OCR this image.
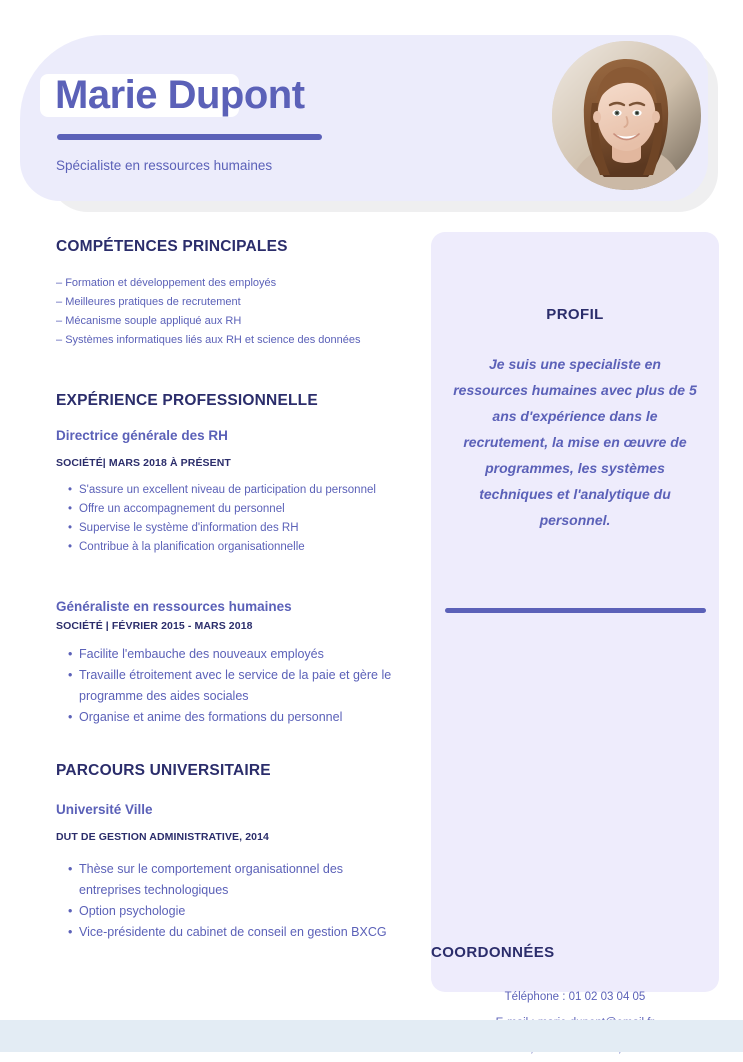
Marie Dupont
Spécialiste en ressources humaines
COMPÉTENCES PRINCIPALES
– Formation et développement des employés
– Meilleures pratiques de recrutement
– Mécanisme souple appliqué aux RH
– Systèmes informatiques liés aux RH et science des données
EXPÉRIENCE PROFESSIONNELLE
Directrice générale des RH
SOCIÉTÉ| MARS 2018 À PRÉSENT
• S'assure un excellent niveau de participation du personnel
• Offre un accompagnement du personnel
• Supervise le système d'information des RH
• Contribue à la planification organisationnelle
Généraliste en ressources humaines
SOCIÉTÉ | FÉVRIER 2015 - MARS 2018
• Facilite l'embauche des nouveaux employés
• Travaille étroitement avec le service de la paie et gère le programme des aides sociales
• Organise et anime des formations du personnel
PARCOURS UNIVERSITAIRE
Université Ville
DUT DE GESTION ADMINISTRATIVE, 2014
• Thèse sur le comportement organisationnel des entreprises technologiques
• Option psychologie
• Vice-présidente du cabinet de conseil en gestion BXCG
PROFIL

Je suis une specialiste en ressources humaines avec plus de 5 ans d'expérience dans le recrutement, la mise en œuvre de programmes, les systèmes techniques et l'analytique du personnel.

COORDONNÉES
Téléphone : 01 02 03 04 05
